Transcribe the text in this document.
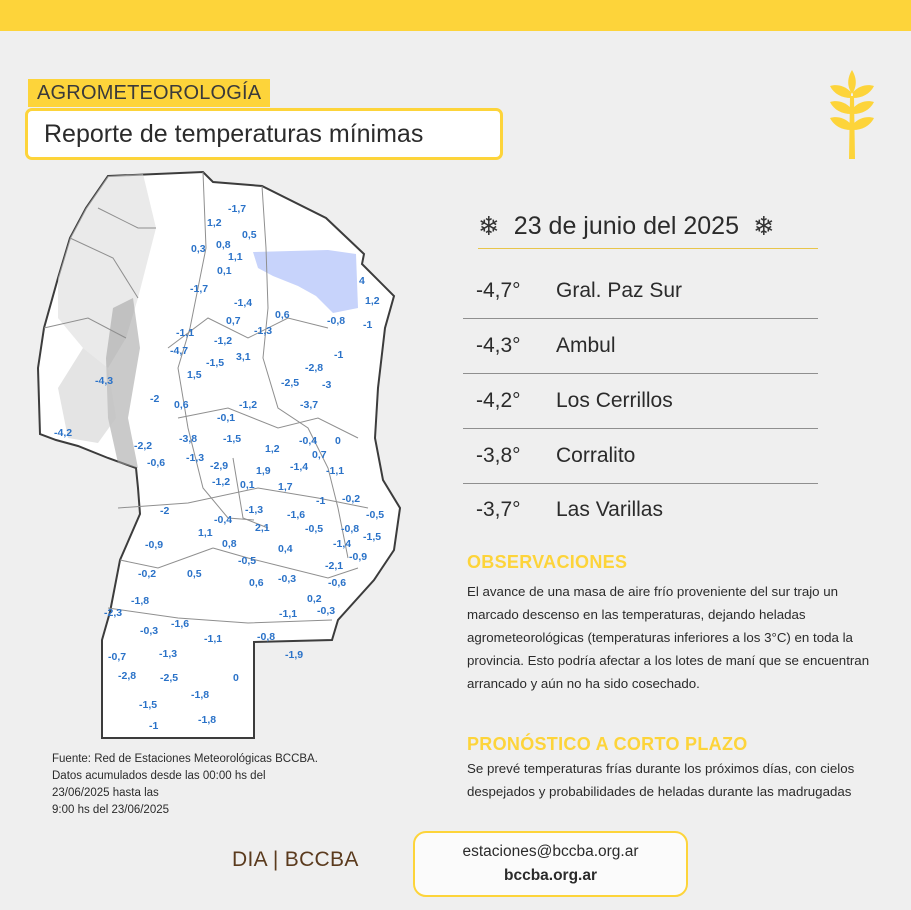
AGROMETEOROLOGÍA
Reporte de temperaturas mínimas
-1,7
1,2
0,5
0,3 0,8
1,1
0,1
4
1,2
-1
-1,7
-1,4
0,7
-1,3
0,6	-0,8
-1,1
-1,2
-4,7
-1,5 3,1
-2,8
-1
-4,3	1,5
-2,5 -3
-2 0,6	-1,2	-3,7
-0,1
-4,2	-3,8 -1,5	-0,4 0
-2,2	1,2	0,7
-0,6 -1,3
-2,9	1,9 -1,4 -1,1
-1,2 0,1 1,7
-1 -0,2
-2	-1,3 -1,6	-0,5
-0,4
2,1	-0,5 -0,8
1,1
0,8	-1,4
-0,9	0,4
-1,5
-0,5	-2,1
-0,9
-0,2	0,5
0,6 -0,3	-0,6
-1,8	0,2
-2,3	-0,3
-1,1
-1,6
-0,3
-1,1	-0,8
-1,3	-1,9
-0,7
-2,8 -2,5	0
-1,8
-1,5
-1	-1,8
Fuente: Red de Estaciones Meteorológicas BCCBA.
Datos acumulados desde las 00:00 hs del
23/06/2025 hasta las
9:00 hs del 23/06/2025
❄ 23 de junio del 2025 ❄
-4,7° Gral. Paz Sur
-4,3° Ambul
-4,2° Los Cerrillos
-3,8° Corralito
-3,7° Las Varillas
OBSERVACIONES
El avance de una masa de aire frío proveniente del sur trajo un marcado descenso en las temperaturas, dejando heladas agrometeorológicas (temperaturas inferiores a los 3°C) en toda la provincia. Esto podría afectar a los lotes de maní que se encuentran arrancado y aún no ha sido cosechado.
PRONÓSTICO A CORTO PLAZO
Se prevé temperaturas frías durante los próximos días, con cielos despejados y probabilidades de heladas durante las madrugadas
DIA | BCCBA	estaciones@bccba.org.ar
bccba.org.ar
